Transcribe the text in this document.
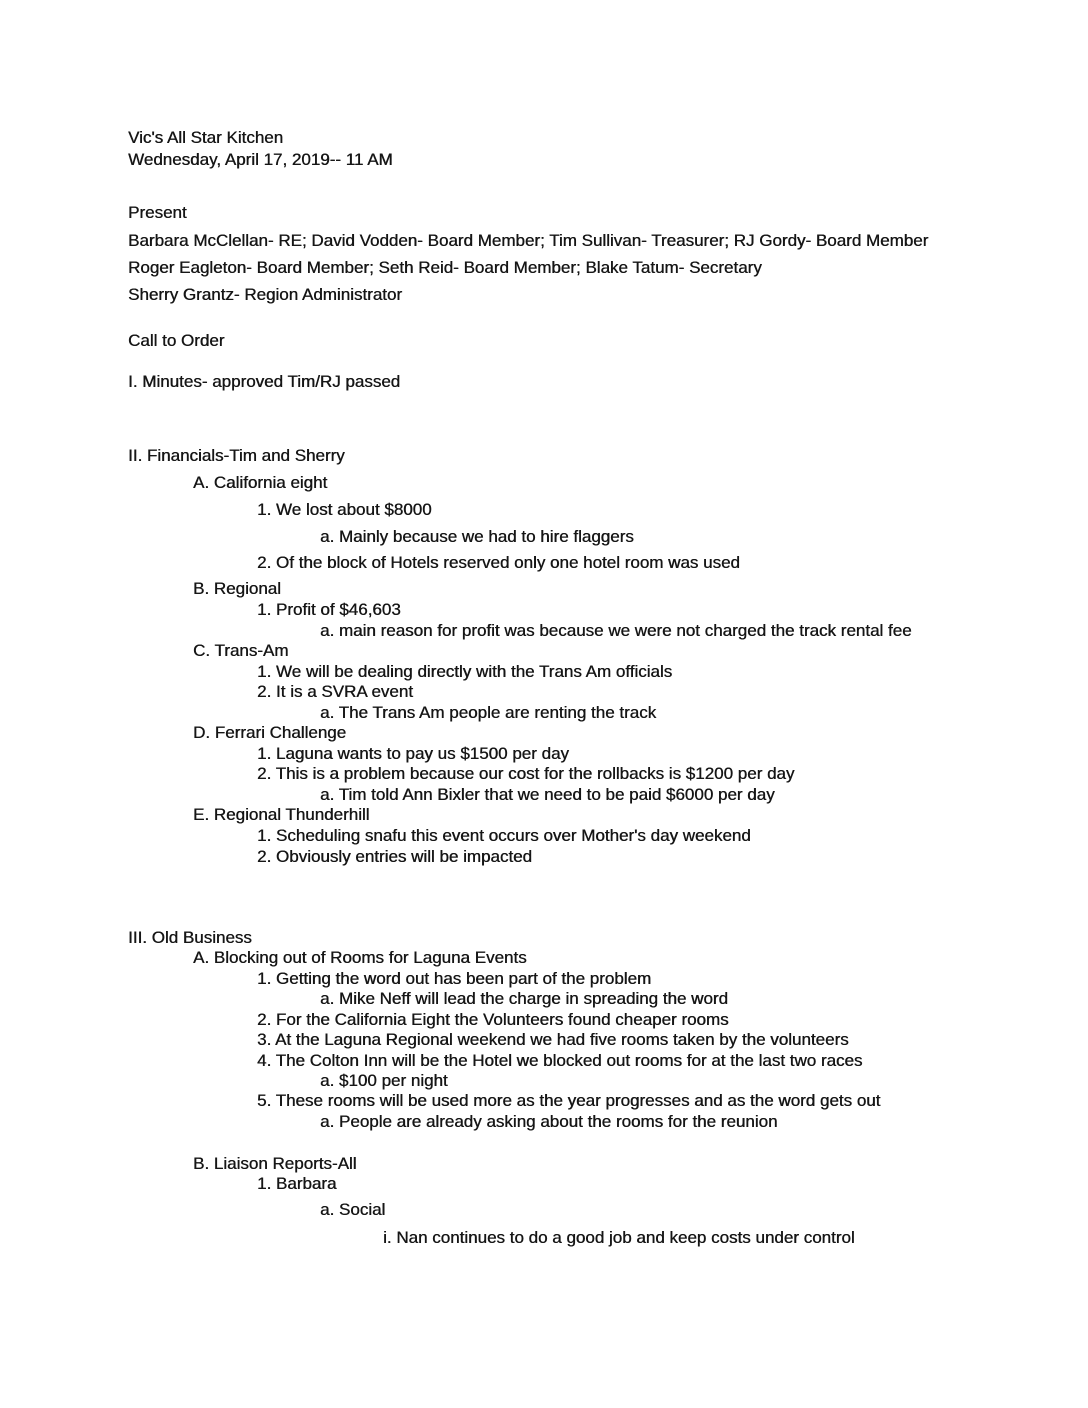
Vic's All Star Kitchen
Wednesday, April 17, 2019-- 11 AM
Present
Barbara McClellan- RE; David Vodden- Board Member; Tim Sullivan- Treasurer; RJ Gordy- Board Member
Roger Eagleton- Board Member; Seth Reid- Board Member; Blake Tatum- Secretary
Sherry Grantz- Region Administrator
Call to Order
I. Minutes- approved Tim/RJ passed
II. Financials-Tim and Sherry
A. California eight
1. We lost about $8000
a. Mainly because we had to hire flaggers
2. Of the block of Hotels reserved only one hotel room was used
B. Regional
1. Profit of $46,603
a. main reason for profit was because we were not charged the track rental fee
C. Trans-Am
1. We will be dealing directly with the Trans Am officials
2. It is a SVRA event
a. The Trans Am people are renting the track
D. Ferrari Challenge
1. Laguna wants to pay us $1500 per day
2. This is a problem because our cost for the rollbacks is $1200 per day
a. Tim told Ann Bixler that we need to be paid $6000 per day
E. Regional Thunderhill
1. Scheduling snafu this event occurs over Mother's day weekend
2. Obviously entries will be impacted
III. Old Business
A. Blocking out of Rooms for Laguna Events
1. Getting the word out has been part of the problem
a. Mike Neff will lead the charge in spreading the word
2. For the California Eight the Volunteers found cheaper rooms
3. At the Laguna Regional weekend we had five rooms taken by the volunteers
4. The Colton Inn will be the Hotel we blocked out rooms for at the last two races
a. $100 per night
5. These rooms will be used more as the year progresses and as the word gets out
a. People are already asking about the rooms for the reunion
B. Liaison Reports-All
1. Barbara
a. Social
i. Nan continues to do a good job and keep costs under control
